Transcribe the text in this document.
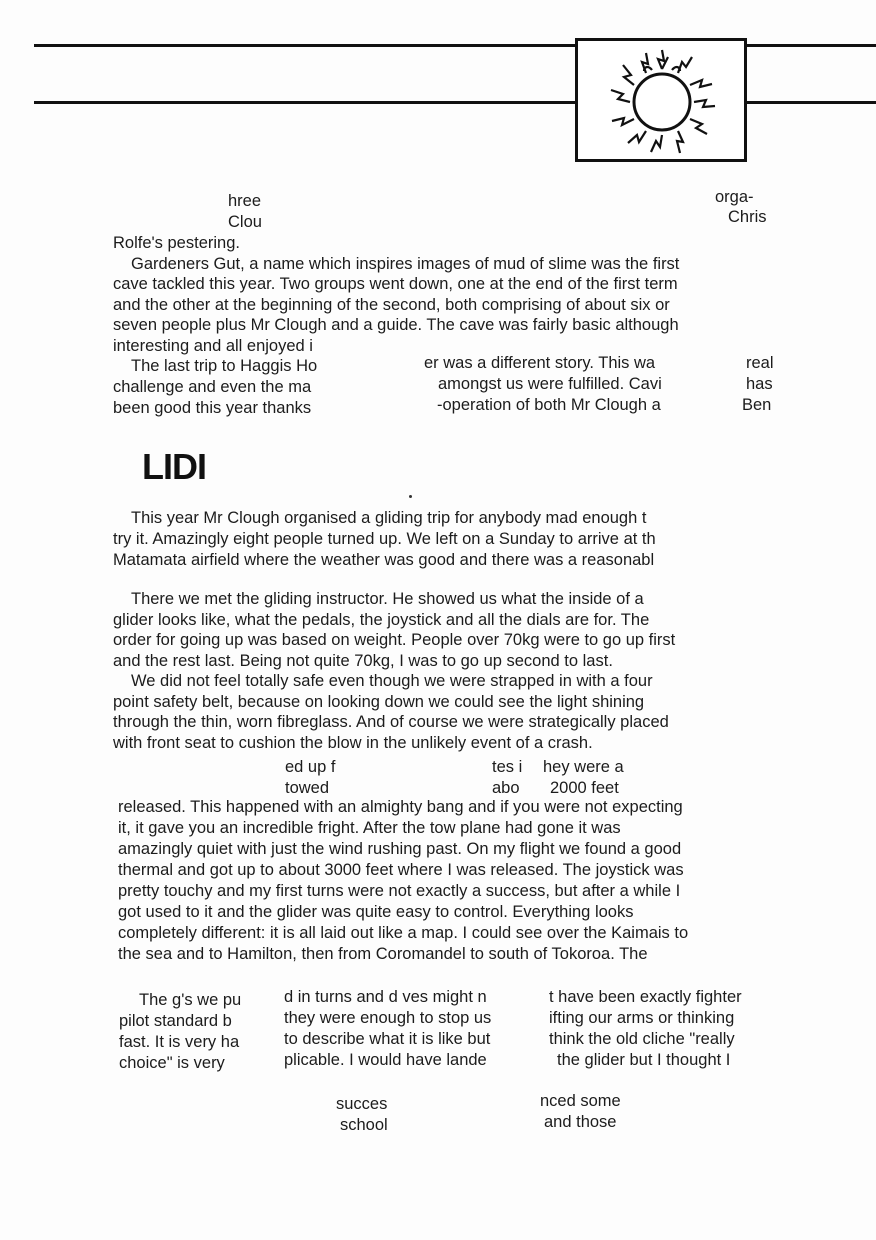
hree
Clou
orga-
Chris
Rolfe's pestering.
Gardeners Gut, a name which inspires images of mud of slime was the first
cave tackled this year. Two groups went down, one at the end of the first term
and the other at the beginning of the second, both comprising of about six or
seven people plus Mr Clough and a guide. The cave was fairly basic although
interesting and all enjoyed i
The last trip to Haggis Ho
challenge and even the ma
been good this year thanks
er was a different story. This wa
amongst us were fulfilled. Cavi
-operation of both Mr Clough a
real
has
Ben
LIDI
This year Mr Clough organised a gliding trip for anybody mad enough t
try it. Amazingly eight people turned up. We left on a Sunday to arrive at th
Matamata airfield where the weather was good and there was a reasonabl
There we met the gliding instructor. He showed us what the inside of a
glider looks like, what the pedals, the joystick and all the dials are for. The
order for going up was based on weight. People over 70kg were to go up first
and the rest last. Being not quite 70kg, I was to go up second to last.
We did not feel totally safe even though we were strapped in with a four
point safety belt, because on looking down we could see the light shining
through the thin, worn fibreglass. And of course we were strategically placed
with front seat to cushion the blow in the unlikely event of a crash.
ed up f
towed
tes i
abo
hey were a
2000 feet
released. This happened with an almighty bang and if you were not expecting
it, it gave you an incredible fright. After the tow plane had gone it was
amazingly quiet with just the wind rushing past. On my flight we found a good
thermal and got up to about 3000 feet where I was released. The joystick was
pretty touchy and my first turns were not exactly a success, but after a while I
got used to it and the glider was quite easy to control. Everything looks
completely different: it is all laid out like a map. I could see over the Kaimais to
the sea and to Hamilton, then from Coromandel to south of Tokoroa. The
The g's we pu
pilot standard b
fast. It is very ha
choice" is very
d in turns and d ves might n
they were enough to stop us
to describe what it is like but
plicable. I would have lande
t have been exactly fighter
ifting our arms or thinking
think the old cliche "really
the glider but I thought I
succes
school
nced some
and those
